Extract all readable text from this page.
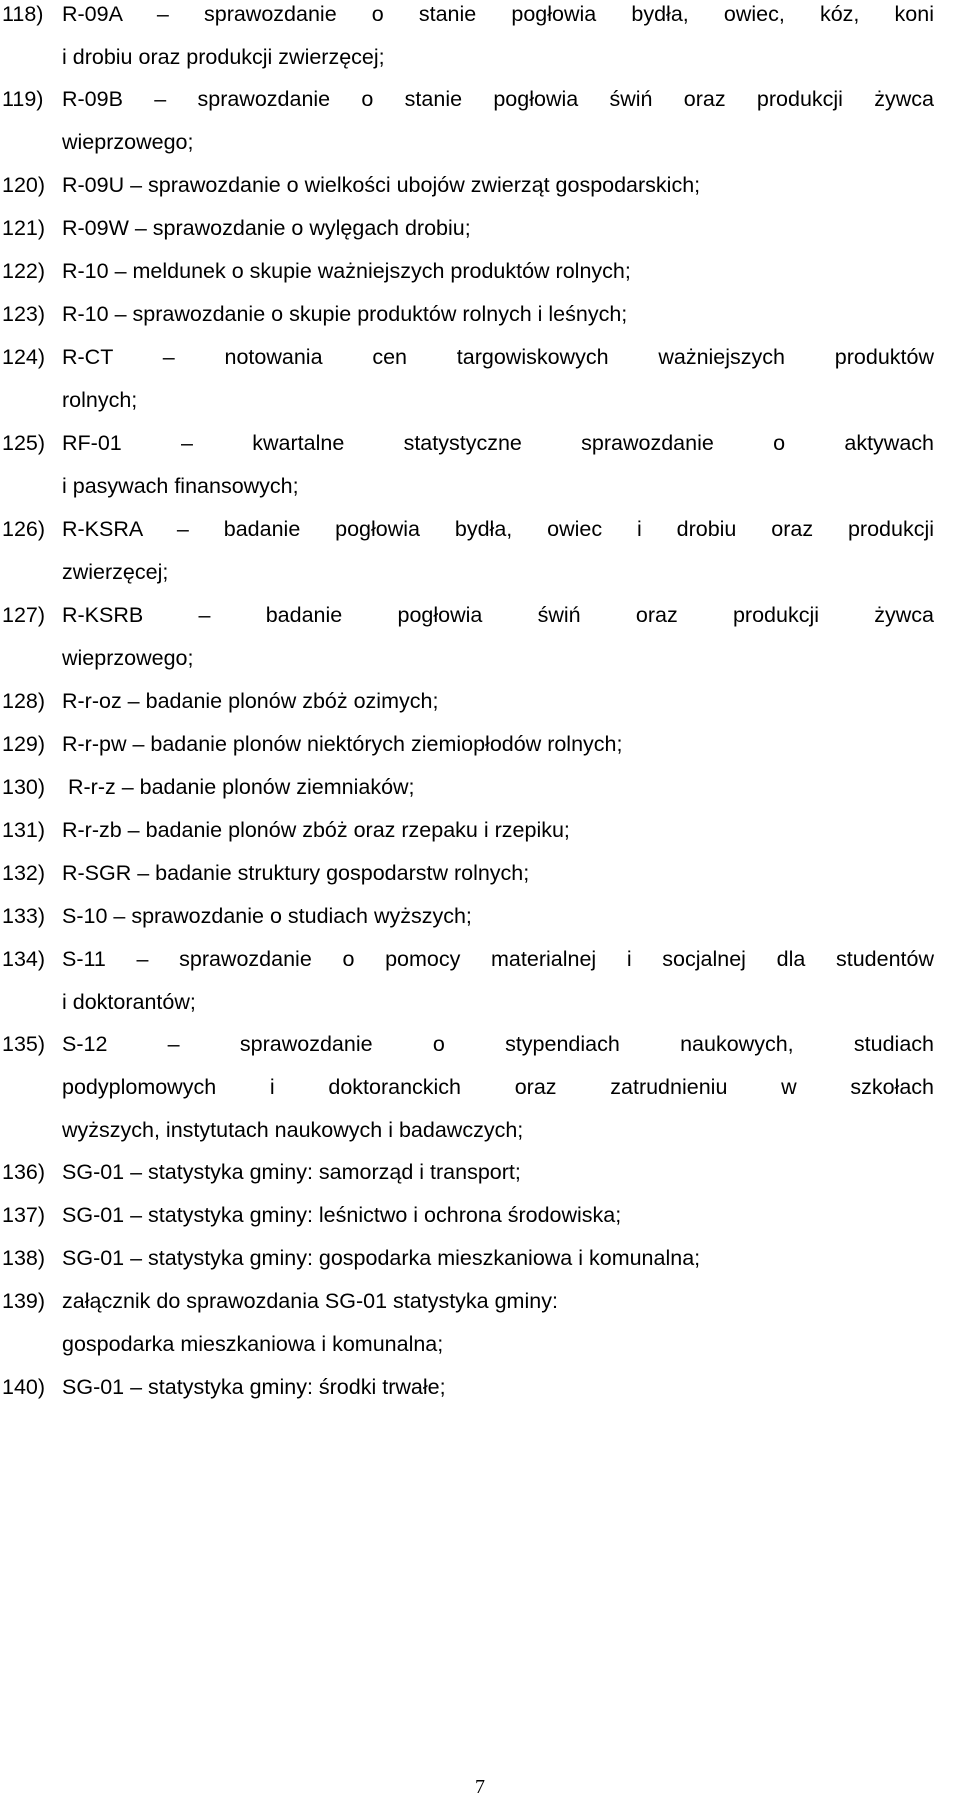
118) R-09A – sprawozdanie o stanie pogłowia bydła, owiec, kóz, koni
i drobiu oraz produkcji zwierzęcej;
119) R-09B – sprawozdanie o stanie pogłowia świń oraz produkcji żywca
wieprzowego;
120) R-09U – sprawozdanie o wielkości ubojów zwierząt gospodarskich;
121) R-09W – sprawozdanie o wylęgach drobiu;
122) R-10 – meldunek o skupie ważniejszych produktów rolnych;
123) R-10 – sprawozdanie o skupie produktów rolnych i leśnych;
124) R-CT – notowania cen targowiskowych ważniejszych produktów
rolnych;
125) RF-01 – kwartalne statystyczne sprawozdanie o aktywach
i pasywach finansowych;
126) R-KSRA – badanie pogłowia bydła, owiec i drobiu oraz produkcji
zwierzęcej;
127) R-KSRB – badanie pogłowia świń oraz produkcji żywca
wieprzowego;
128) R-r-oz – badanie plonów zbóż ozimych;
129) R-r-pw – badanie plonów niektórych ziemiopłodów rolnych;
130) R-r-z – badanie plonów ziemniaków;
131) R-r-zb – badanie plonów zbóż oraz rzepaku i rzepiku;
132) R-SGR – badanie struktury gospodarstw rolnych;
133) S-10 – sprawozdanie o studiach wyższych;
134) S-11 – sprawozdanie o pomocy materialnej i socjalnej dla studentów
i doktorantów;
135) S-12 – sprawozdanie o stypendiach naukowych, studiach
podyplomowych i doktoranckich oraz zatrudnieniu w szkołach
wyższych, instytutach naukowych i badawczych;
136) SG-01 – statystyka gminy: samorząd i transport;
137) SG-01 – statystyka gminy: leśnictwo i ochrona środowiska;
138) SG-01 – statystyka gminy: gospodarka mieszkaniowa i komunalna;
139) załącznik do sprawozdania SG-01 statystyka gminy:
gospodarka mieszkaniowa i komunalna;
140) SG-01 – statystyka gminy: środki trwałe;
7
